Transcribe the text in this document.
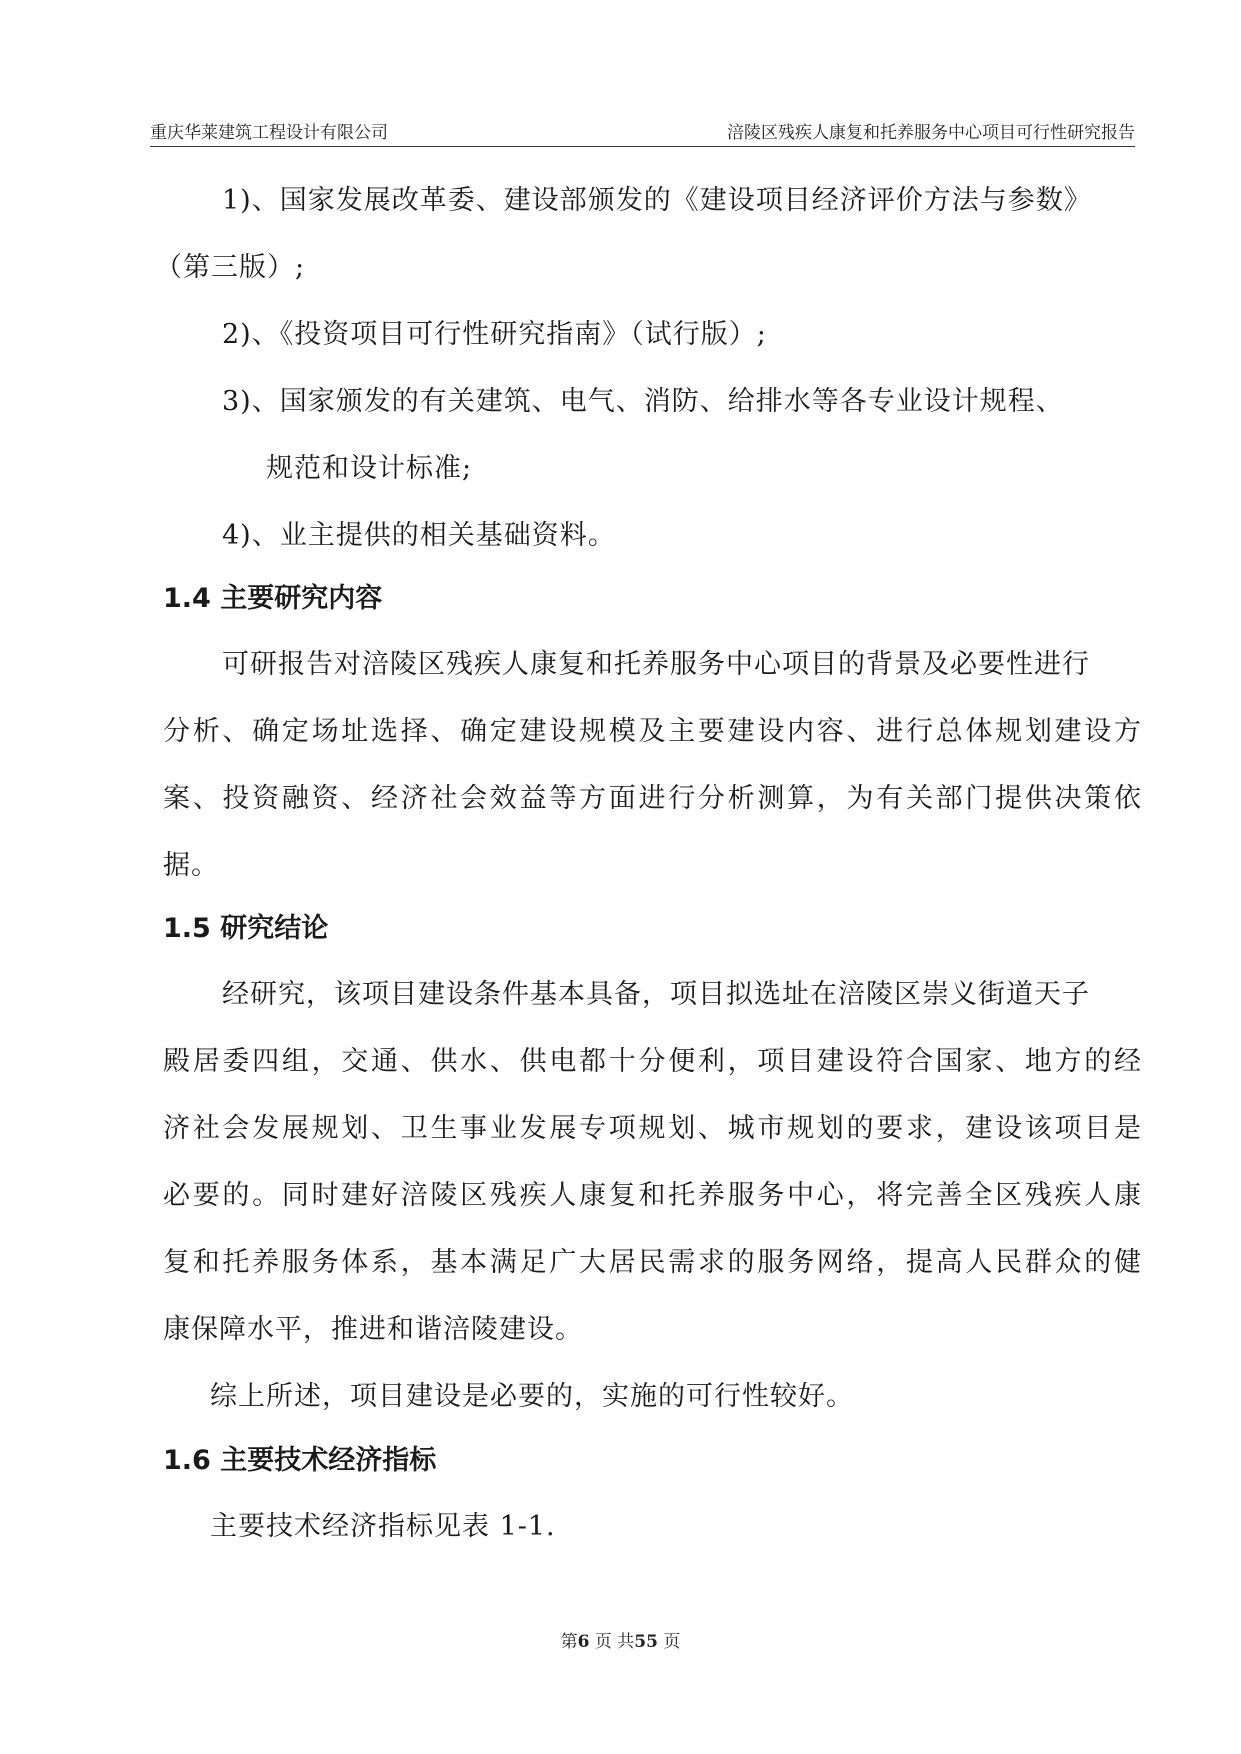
重庆华莱建筑工程设计有限公司	涪陵区残疾人康复和托养服务中心项目可行性研究报告
1)、国家发展改革委、建设部颁发的《建设项目经济评价方法与参数》
（第三版）;
2)、《投资项目可行性研究指南》（试行版）;
3)、国家颁发的有关建筑、电气、消防、给排水等各专业设计规程、
规范和设计标准;
4)、业主提供的相关基础资料。
1.4 主要研究内容
可研报告对涪陵区残疾人康复和托养服务中心项目的背景及必要性进行
分析、确定场址选择、确定建设规模及主要建设内容、进行总体规划建设方
案、投资融资、经济社会效益等方面进行分析测算，为有关部门提供决策依
据。
1.5 研究结论
经研究，该项目建设条件基本具备，项目拟选址在涪陵区崇义街道天子
殿居委四组，交通、供水、供电都十分便利，项目建设符合国家、地方的经
济社会发展规划、卫生事业发展专项规划、城市规划的要求，建设该项目是
必要的。同时建好涪陵区残疾人康复和托养服务中心，将完善全区残疾人康
复和托养服务体系，基本满足广大居民需求的服务网络，提高人民群众的健
康保障水平，推进和谐涪陵建设。
综上所述，项目建设是必要的，实施的可行性较好。
1.6 主要技术经济指标
主要技术经济指标见表 1-1.
第6 页 共55 页
